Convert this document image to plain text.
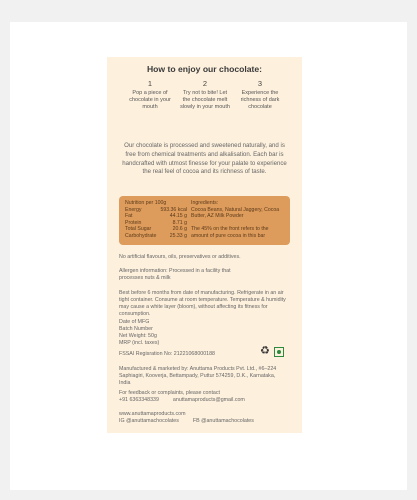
How to enjoy our chocolate:
1
Pop a piece of chocolate in your mouth
2
Try not to bite! Let the chocolate melt slowly in your mouth
3
Experience the richness of dark chocolate
Our chocolate is processed and sweetened naturally, and is free from chemical treatments and alkalisation. Each bar is handcrafted with utmost finesse for your palate to experience the real feel of cocoa and its richness of taste.
Nutrition per 100g
Energy	593.36 kcal
Fat	44.15 g
Protein	8.71 g
Total Sugar	20.6 g
Carbohydrate	25.33 g
Ingredients:
Cocoa Beans, Natural Jaggery, Cocoa Butter, AZ Milk Powder
The 45% on the front refers to the amount of pure cocoa in this bar
No artificial flavours, oils, preservatives or additives.
Allergen information: Processed in a facility that processes nuts & milk
Best before 6 months from date of manufacturing. Refrigerate in an air tight container. Consume at room temperature. Temperature & humidity may cause a white layer (bloom), without affecting its fitness for consumption.
Date of MFG
Batch Number
Net Weight: 50g
MRP (incl. taxes)
FSSAI Regisration No: 21221068000188	♻
Manufactured & marketed by: Anuttama Products Pvt. Ltd., #6–224 Saphiagiri, Kooverja, Bettampady, Puttur 574259, D.K., Karnataka, India
For feedback or complaints, please contact
+91 6363348339	anuttamaproducts@gmail.com
www.anuttamaproducts.com
IG @anuttamachocolates	FB @anuttamachocolates
